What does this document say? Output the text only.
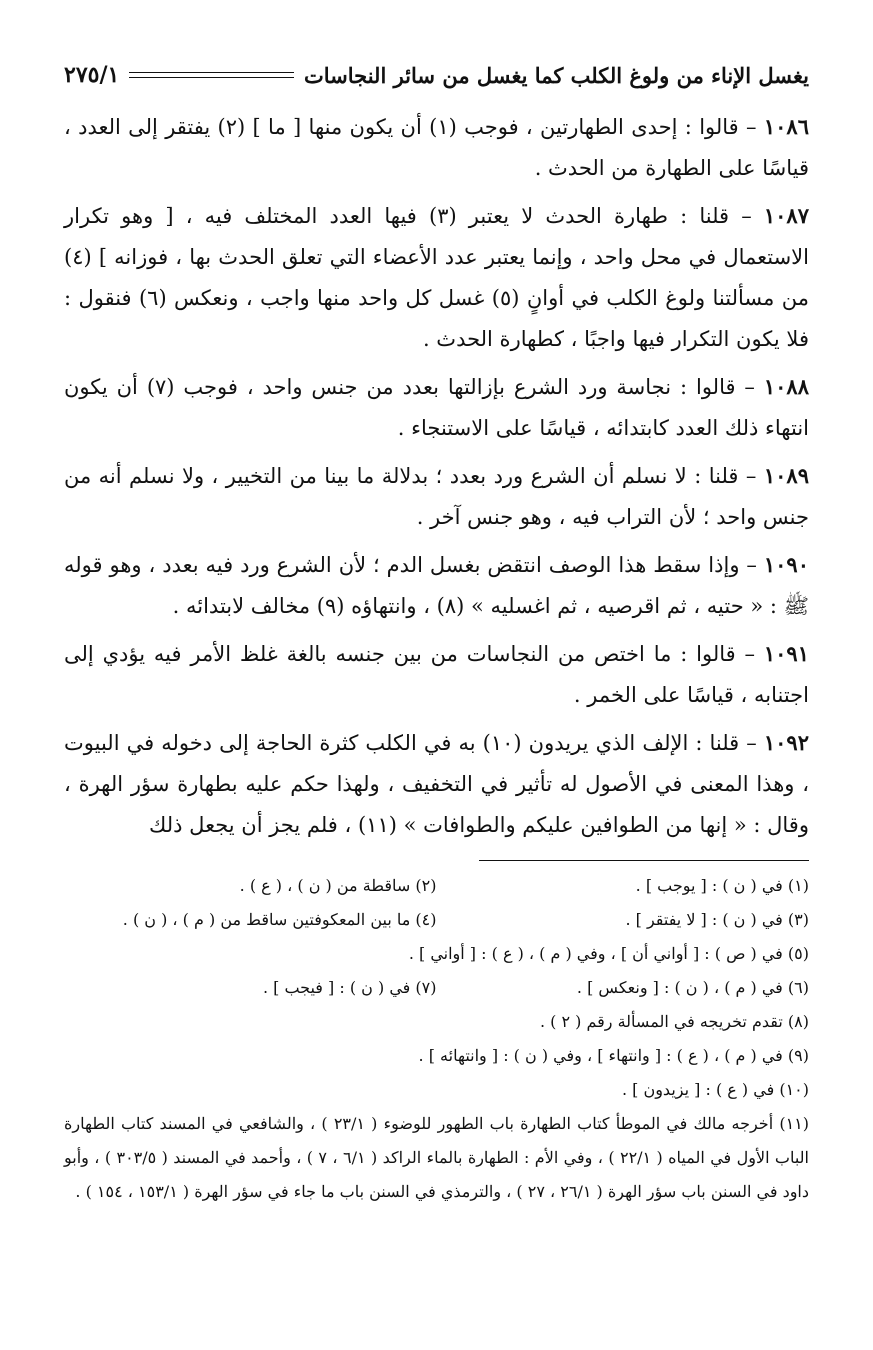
يغسل الإناء من ولوغ الكلب كما يغسل من سائر النجاسات
٢٧٥/١

١٠٨٦ – قالوا : إحدى الطهارتين ، فوجب (١) أن يكون منها [ ما ] (٢) يفتقر إلى العدد ، قياسًا على الطهارة من الحدث .

١٠٨٧ – قلنا : طهارة الحدث لا يعتبر (٣) فيها العدد المختلف فيه ، [ وهو تكرار الاستعمال في محل واحد ، وإنما يعتبر عدد الأعضاء التي تعلق الحدث بها ، فوزانه ] (٤) من مسألتنا ولوغ الكلب في أوانٍ (٥) غسل كل واحد منها واجب ، ونعكس (٦) فنقول : فلا يكون التكرار فيها واجبًا ، كطهارة الحدث .

١٠٨٨ – قالوا : نجاسة ورد الشرع بإزالتها بعدد من جنس واحد ، فوجب (٧) أن يكون انتهاء ذلك العدد كابتدائه ، قياسًا على الاستنجاء .

١٠٨٩ – قلنا : لا نسلم أن الشرع ورد بعدد ؛ بدلالة ما بينا من التخيير ، ولا نسلم أنه من جنس واحد ؛ لأن التراب فيه ، وهو جنس آخر .

١٠٩٠ – وإذا سقط هذا الوصف انتقض بغسل الدم ؛ لأن الشرع ورد فيه بعدد ، وهو قوله ﷺ : « حتيه ، ثم اقرصيه ، ثم اغسليه » (٨) ، وانتهاؤه (٩) مخالف لابتدائه .

١٠٩١ – قالوا : ما اختص من النجاسات من بين جنسه بالغة غلظ الأمر فيه يؤدي إلى اجتنابه ، قياسًا على الخمر .

١٠٩٢ – قلنا : الإلف الذي يريدون (١٠) به في الكلب كثرة الحاجة إلى دخوله في البيوت ، وهذا المعنى في الأصول له تأثير في التخفيف ، ولهذا حكم عليه بطهارة سؤر الهرة ، وقال : « إنها من الطوافين عليكم والطوافات » (١١) ، فلم يجز أن يجعل ذلك

(١) في ( ن ) : [ يوجب ] .
(٢) ساقطة من ( ن ) ، ( ع ) .
(٣) في ( ن ) : [ لا يفتقر ] .
(٤) ما بين المعكوفتين ساقط من ( م ) ، ( ن ) .
(٥) في ( ص ) : [ أواني أن ] ، وفي ( م ) ، ( ع ) : [ أواني ] .
(٦) في ( م ) ، ( ن ) : [ ونعكس ] .
(٧) في ( ن ) : [ فيجب ] .
(٨) تقدم تخريجه في المسألة رقم ( ٢ ) .
(٩) في ( م ) ، ( ع ) : [ وانتهاء ] ، وفي ( ن ) : [ وانتهائه ] .
(١٠) في ( ع ) : [ يزيدون ] .
(١١) أخرجه مالك في الموطأ كتاب الطهارة باب الطهور للوضوء ( ٢٣/١ ) ، والشافعي في المسند كتاب الطهارة الباب الأول في المياه ( ٢٢/١ ) ، وفي الأم : الطهارة بالماء الراكد ( ٦/١ ، ٧ ) ، وأحمد في المسند ( ٣٠٣/٥ ) ، وأبو داود في السنن باب سؤر الهرة ( ٢٦/١ ، ٢٧ ) ، والترمذي في السنن باب ما جاء في سؤر الهرة ( ١٥٣/١ ، ١٥٤ ) .
